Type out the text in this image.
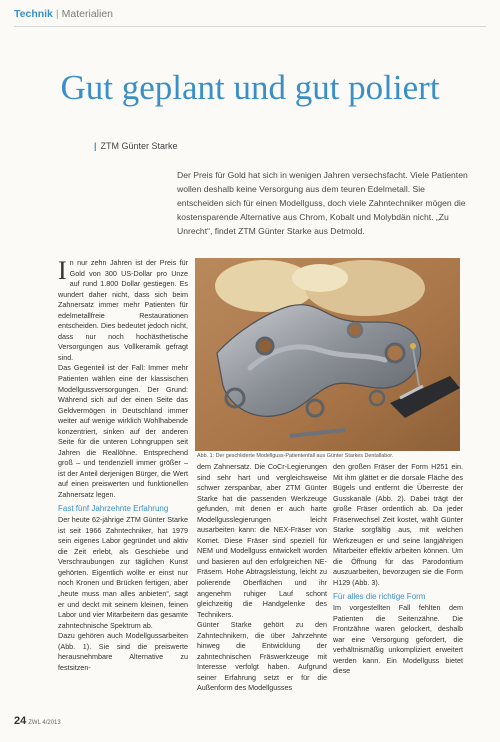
Technik | Materialien
Gut geplant und gut poliert
| ZTM Günter Starke
Der Preis für Gold hat sich in wenigen Jahren versechsfacht. Viele Patienten wollen deshalb keine Versorgung aus dem teuren Edelmetall. Sie entscheiden sich für einen Modellguss, doch viele Zahntechniker mögen die kostensparende Alternative aus Chrom, Kobalt und Molybdän nicht. „Zu Unrecht“, findet ZTM Günter Starke aus Detmold.

In nur zehn Jahren ist der Preis für Gold von 300 US-Dollar pro Unze auf rund 1.800 Dollar gestiegen. Es wundert daher nicht, dass sich beim Zahnersatz immer mehr Patienten für edelmetallfreie Restaurationen entscheiden. Dies bedeutet jedoch nicht, dass nur noch hochästhetische Versorgungen aus Vollkeramik gefragt sind.

Das Gegenteil ist der Fall: Immer mehr Patienten wählen eine der klassischen Modellgussversorgungen. Der Grund: Während sich auf der einen Seite das Geldvermögen in Deutschland immer weiter auf wenige wirklich Wohlhabende konzentriert, sinken auf der anderen Seite für die unteren Lohngruppen seit Jahren die Reallöhne. Entsprechend groß – und tendenziell immer größer – ist der Anteil derjenigen Bürger, die Wert auf einen preiswerten und funktionellen Zahnersatz legen.

Fast fünf Jahrzehnte Erfahrung

Der heute 62-jährige ZTM Günter Starke ist seit 1966 Zahntechniker, hat 1979 sein eigenes Labor gegründet und aktiv die Zeit erlebt, als Geschiebe und Verschraubungen zur täglichen Kunst gehörten. Eigentlich wollte er einst nur noch Kronen und Brücken fertigen, aber „heute muss man alles anbieten“, sagt er und deckt mit seinem kleinen, feinen Labor und vier Mitarbeitern das gesamte zahntechnische Spektrum ab.

Dazu gehören auch Modellgussarbeiten (Abb. 1). Sie sind die preiswerte herausnehmbare Alternative zu festsitzen-

Abb. 1: Der geschliderte Modellguss-Patientenfall aus Günter Starkes Dentallabor.

dem Zahnersatz. Die CoCr-Legierungen sind sehr hart und vergleichsweise schwer zerspanbar, aber ZTM Günter Starke hat die passenden Werkzeuge gefunden, mit denen er auch harte Modellgusslegierungen leicht ausarbeiten kann: die NEX-Fräser von Komet. Diese Fräser sind speziell für NEM und Modellguss entwickelt worden und basieren auf den erfolgreichen NE-Fräsern. Hohe Abtragsleistung, leicht zu polierende Oberflächen und ihr angenehm ruhiger Lauf schont gleichzeitig die Handgelenke des Technikers.

Günter Starke gehört zu den Zahntechnikern, die über Jahrzehnte hinweg die Entwicklung der zahntechnischen Fräswerkzeuge mit Interesse verfolgt haben. Aufgrund seiner Erfahrung setzt er für die Außenform des Modellgusses

den großen Fräser der Form H251 ein. Mit ihm glättet er die dorsale Fläche des Bügels und entfernt die Überreste der Gusskanäle (Abb. 2). Dabei trägt der große Fräser ordentlich ab. Da jeder Fräserwechsel Zeit kostet, wählt Günter Starke sorgfältig aus, mit welchen Werkzeugen er und seine langjährigen Mitarbeiter effektiv arbeiten können. Um die Öffnung für das Parodontium auszuarbeiten, bevorzugen sie die Form H129 (Abb. 3).

Für alles die richtige Form

Im vorgestellten Fall fehlten dem Patienten die Seitenzähne. Die Frontzähne waren gelockert, deshalb war eine Versorgung gefordert, die verhältnismäßig unkompliziert erweitert werden kann. Ein Modellguss bietet diese

24 ZWL 4/2013
